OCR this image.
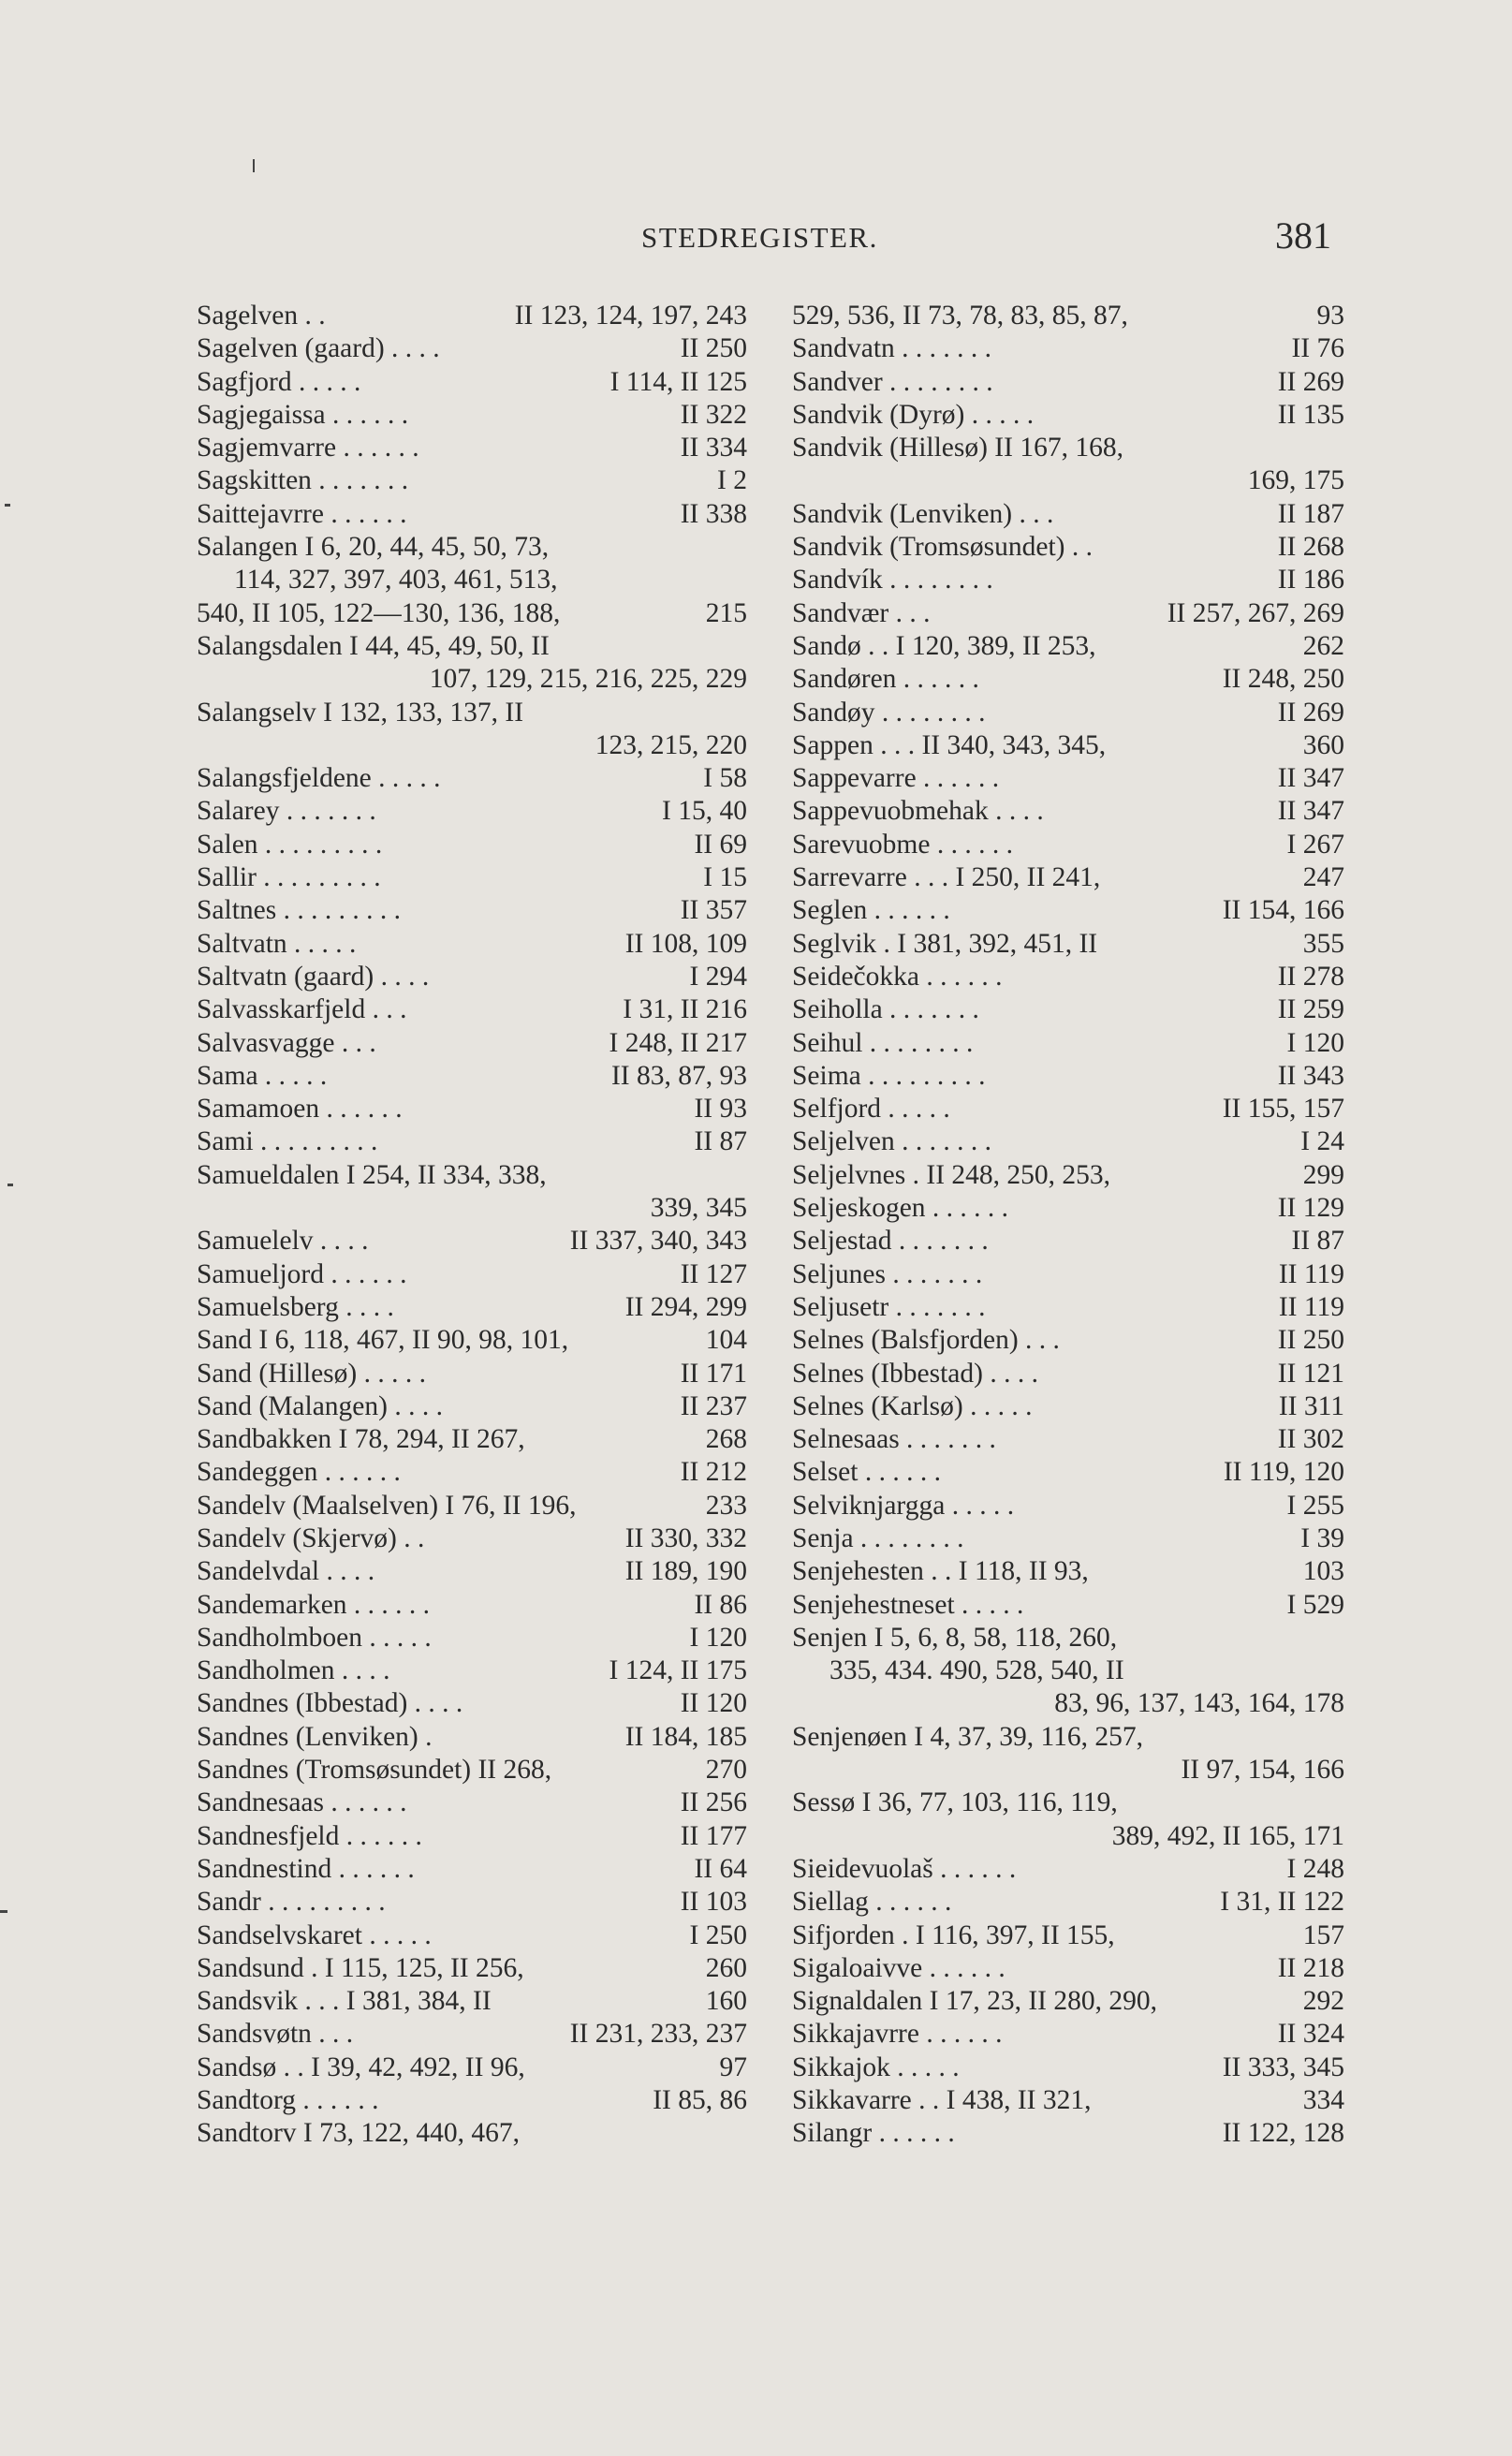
STEDREGISTER.	381
Sagelven . .	II 123, 124, 197, 243
Sagelven (gaard) . . . .	II 250
Sagfjord . . . . .	I 114, II 125
Sagjegaissa . . . . . .	II 322
Sagjemvarre . . . . . .	II 334
Sagskitten . . . . . . .	I 2
Saittejavrre . . . . . .	II 338
Salangen I 6, 20, 44, 45, 50, 73,
114, 327, 397, 403, 461, 513,
540, II 105, 122—130, 136, 188,	215
Salangsdalen I 44, 45, 49, 50, II
107, 129, 215, 216, 225, 229
Salangselv I 132, 133, 137, II
123, 215, 220
Salangsfjeldene . . . . .	I 58
Salarey . . . . . . .	I 15, 40
Salen . . . . . . . . .	II 69
Sallir . . . . . . . . .	I 15
Saltnes . . . . . . . . .	II 357
Saltvatn . . . . .	II 108, 109
Saltvatn (gaard) . . . .	I 294
Salvasskarfjeld . . .	I 31, II 216
Salvasvagge . . .	I 248, II 217
Sama . . . . .	II 83, 87, 93
Samamoen . . . . . .	II 93
Sami . . . . . . . . .	II 87
Samueldalen I 254, II 334, 338,
339, 345
Samuelelv . . . .	II 337, 340, 343
Samueljord . . . . . .	II 127
Samuelsberg . . . .	II 294, 299
Sand I 6, 118, 467, II 90, 98, 101,	104
Sand (Hillesø) . . . . .	II 171
Sand (Malangen) . . . .	II 237
Sandbakken I 78, 294, II 267,	268
Sandeggen . . . . . .	II 212
Sandelv (Maalselven) I 76, II 196,	233
Sandelv (Skjervø) . .	II 330, 332
Sandelvdal . . . .	II 189, 190
Sandemarken . . . . . .	II 86
Sandholmboen . . . . .	I 120
Sandholmen . . . .	I 124, II 175
Sandnes (Ibbestad) . . . .	II 120
Sandnes (Lenviken) .	II 184, 185
Sandnes (Tromsøsundet) II 268,	270
Sandnesaas . . . . . .	II 256
Sandnesfjeld . . . . . .	II 177
Sandnestind . . . . . .	II 64
Sandr . . . . . . . . .	II 103
Sandselvskaret . . . . .	I 250
Sandsund . I 115, 125, II 256,	260
Sandsvik . . . I 381, 384, II	160
Sandsvøtn . . .	II 231, 233, 237
Sandsø . . I 39, 42, 492, II 96,	97
Sandtorg . . . . . .	II 85, 86
Sandtorv I 73, 122, 440, 467,
529, 536, II 73, 78, 83, 85, 87,	93
Sandvatn . . . . . . .	II 76
Sandver . . . . . . . .	II 269
Sandvik (Dyrø) . . . . .	II 135
Sandvik (Hillesø) II 167, 168,
169, 175
Sandvik (Lenviken) . . .	II 187
Sandvik (Tromsøsundet) . .	II 268
Sandvík . . . . . . . .	II 186
Sandvær . . .	II 257, 267, 269
Sandø . . I 120, 389, II 253,	262
Sandøren . . . . . .	II 248, 250
Sandøy . . . . . . . .	II 269
Sappen . . . II 340, 343, 345,	360
Sappevarre . . . . . .	II 347
Sappevuobmehak . . . .	II 347
Sarevuobme . . . . . .	I 267
Sarrevarre . . . I 250, II 241,	247
Seglen . . . . . .	II 154, 166
Seglvik . I 381, 392, 451, II	355
Seidečokka . . . . . .	II 278
Seiholla . . . . . . .	II 259
Seihul . . . . . . . .	I 120
Seima . . . . . . . . .	II 343
Selfjord . . . . .	II 155, 157
Seljelven . . . . . . .	I 24
Seljelvnes . II 248, 250, 253,	299
Seljeskogen . . . . . .	II 129
Seljestad . . . . . . .	II 87
Seljunes . . . . . . .	II 119
Seljusetr . . . . . . .	II 119
Selnes (Balsfjorden) . . .	II 250
Selnes (Ibbestad) . . . .	II 121
Selnes (Karlsø) . . . . .	II 311
Selnesaas . . . . . . .	II 302
Selset . . . . . .	II 119, 120
Selviknjargga . . . . .	I 255
Senja . . . . . . . .	I 39
Senjehesten . . I 118, II 93,	103
Senjehestneset . . . . .	I 529
Senjen I 5, 6, 8, 58, 118, 260,
335, 434. 490, 528, 540, II
83, 96, 137, 143, 164, 178
Senjenøen I 4, 37, 39, 116, 257,
II 97, 154, 166
Sessø I 36, 77, 103, 116, 119,
389, 492, II 165, 171
Sieidevuolaš . . . . . .	I 248
Siellag . . . . . .	I 31, II 122
Sifjorden . I 116, 397, II 155,	157
Sigaloaivve . . . . . .	II 218
Signaldalen I 17, 23, II 280, 290,	292
Sikkajavrre . . . . . .	II 324
Sikkajok . . . . .	II 333, 345
Sikkavarre . . I 438, II 321,	334
Silangr . . . . . .	II 122, 128
